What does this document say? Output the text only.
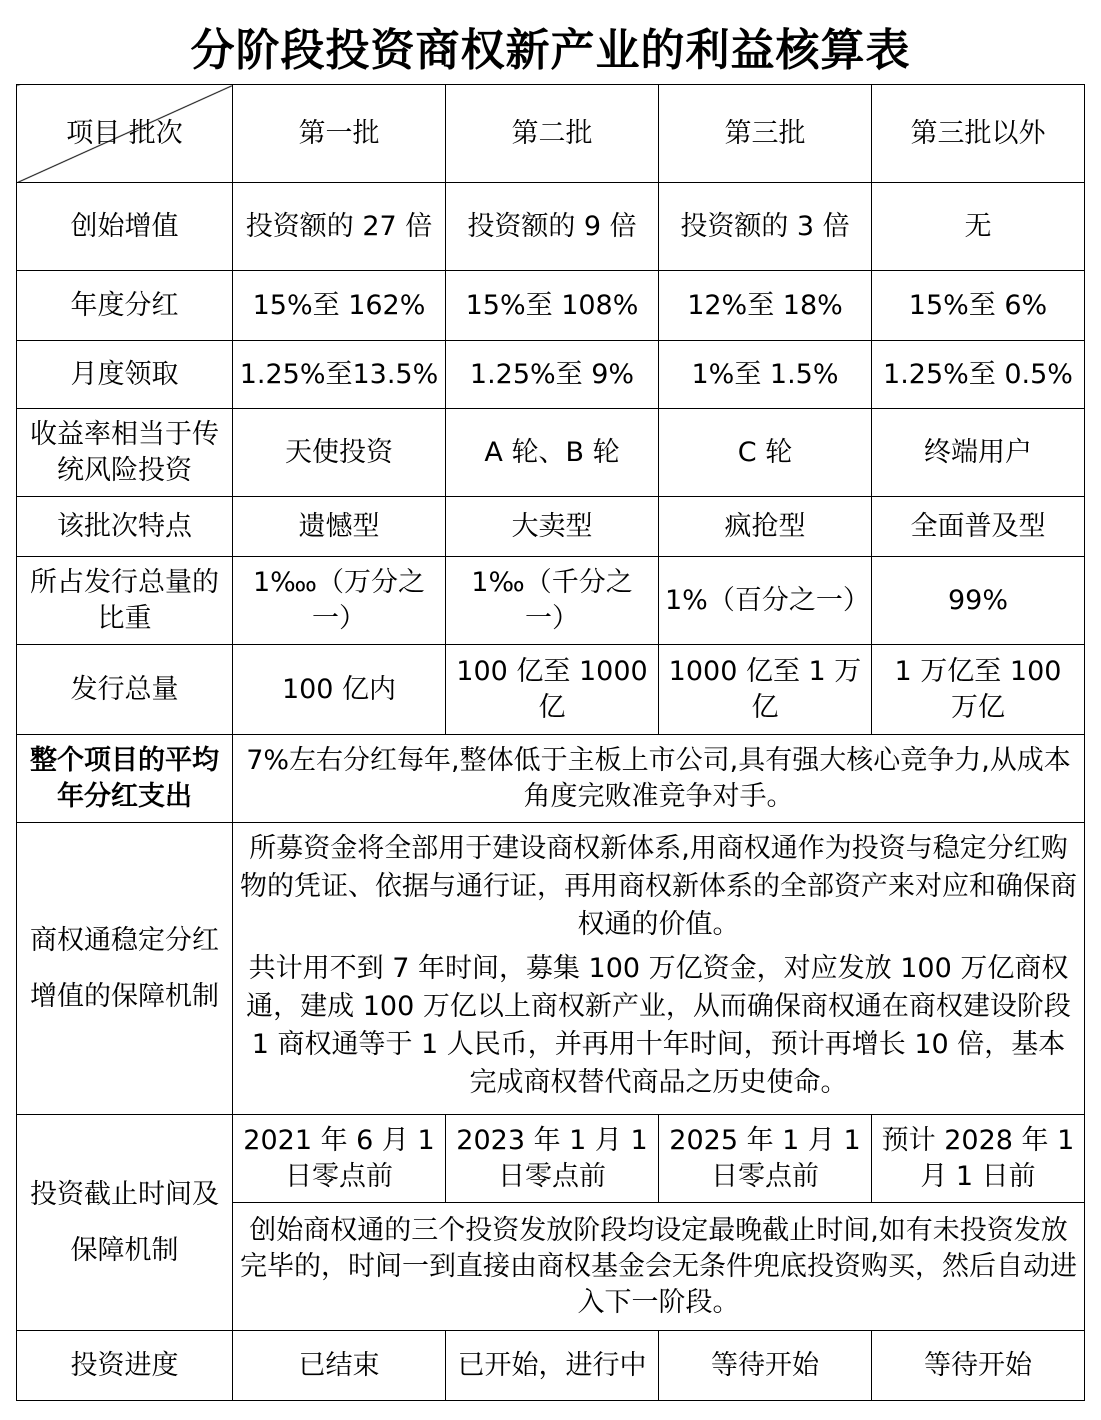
分阶段投资商权新产业的利益核算表
项目 批次	第一批	第二批	第三批	第三批以外
创始增值	投资额的 27 倍	投资额的 9 倍	投资额的 3 倍	无
年度分红	15%至 162%	15%至 108%	12%至 18%	15%至 6%
月度领取	1.25%至13.5%	1.25%至 9%	1%至 1.5%	1.25%至 0.5%
收益率相当于传统风险投资	天使投资	A 轮、B 轮	C 轮	终端用户
该批次特点	遗憾型	大卖型	疯抢型	全面普及型
所占发行总量的比重	1‱（万分之一）	1‰（千分之一）	1%（百分之一）	99%
发行总量	100 亿内	100 亿至 1000 亿	1000 亿至 1 万亿	1 万亿至 100 万亿
整个项目的平均年分红支出	7%左右分红每年,整体低于主板上市公司,具有强大核心竞争力,从成本角度完败准竞争对手。			
商权通稳定分红增值的保障机制	所募资金将全部用于建设商权新体系,用商权通作为投资与稳定分红购物的凭证、依据与通行证，再用商权新体系的全部资产来对应和确保商权通的价值。

共计用不到 7 年时间，募集 100 万亿资金，对应发放 100 万亿商权通，建成 100 万亿以上商权新产业，从而确保商权通在商权建设阶段 1 商权通等于 1 人民币，并再用十年时间，预计再增长 10 倍，基本完成商权替代商品之历史使命。			

投资截止时间及保障机制	2021 年 6 月 1 日零点前	2023 年 1 月 1 日零点前	2025 年 1 月 1 日零点前	预计 2028 年 1 月 1 日前
	创始商权通的三个投资发放阶段均设定最晚截止时间,如有未投资发放完毕的，时间一到直接由商权基金会无条件兜底投资购买，然后自动进入下一阶段。			
投资进度	已结束	已开始，进行中	等待开始	等待开始
